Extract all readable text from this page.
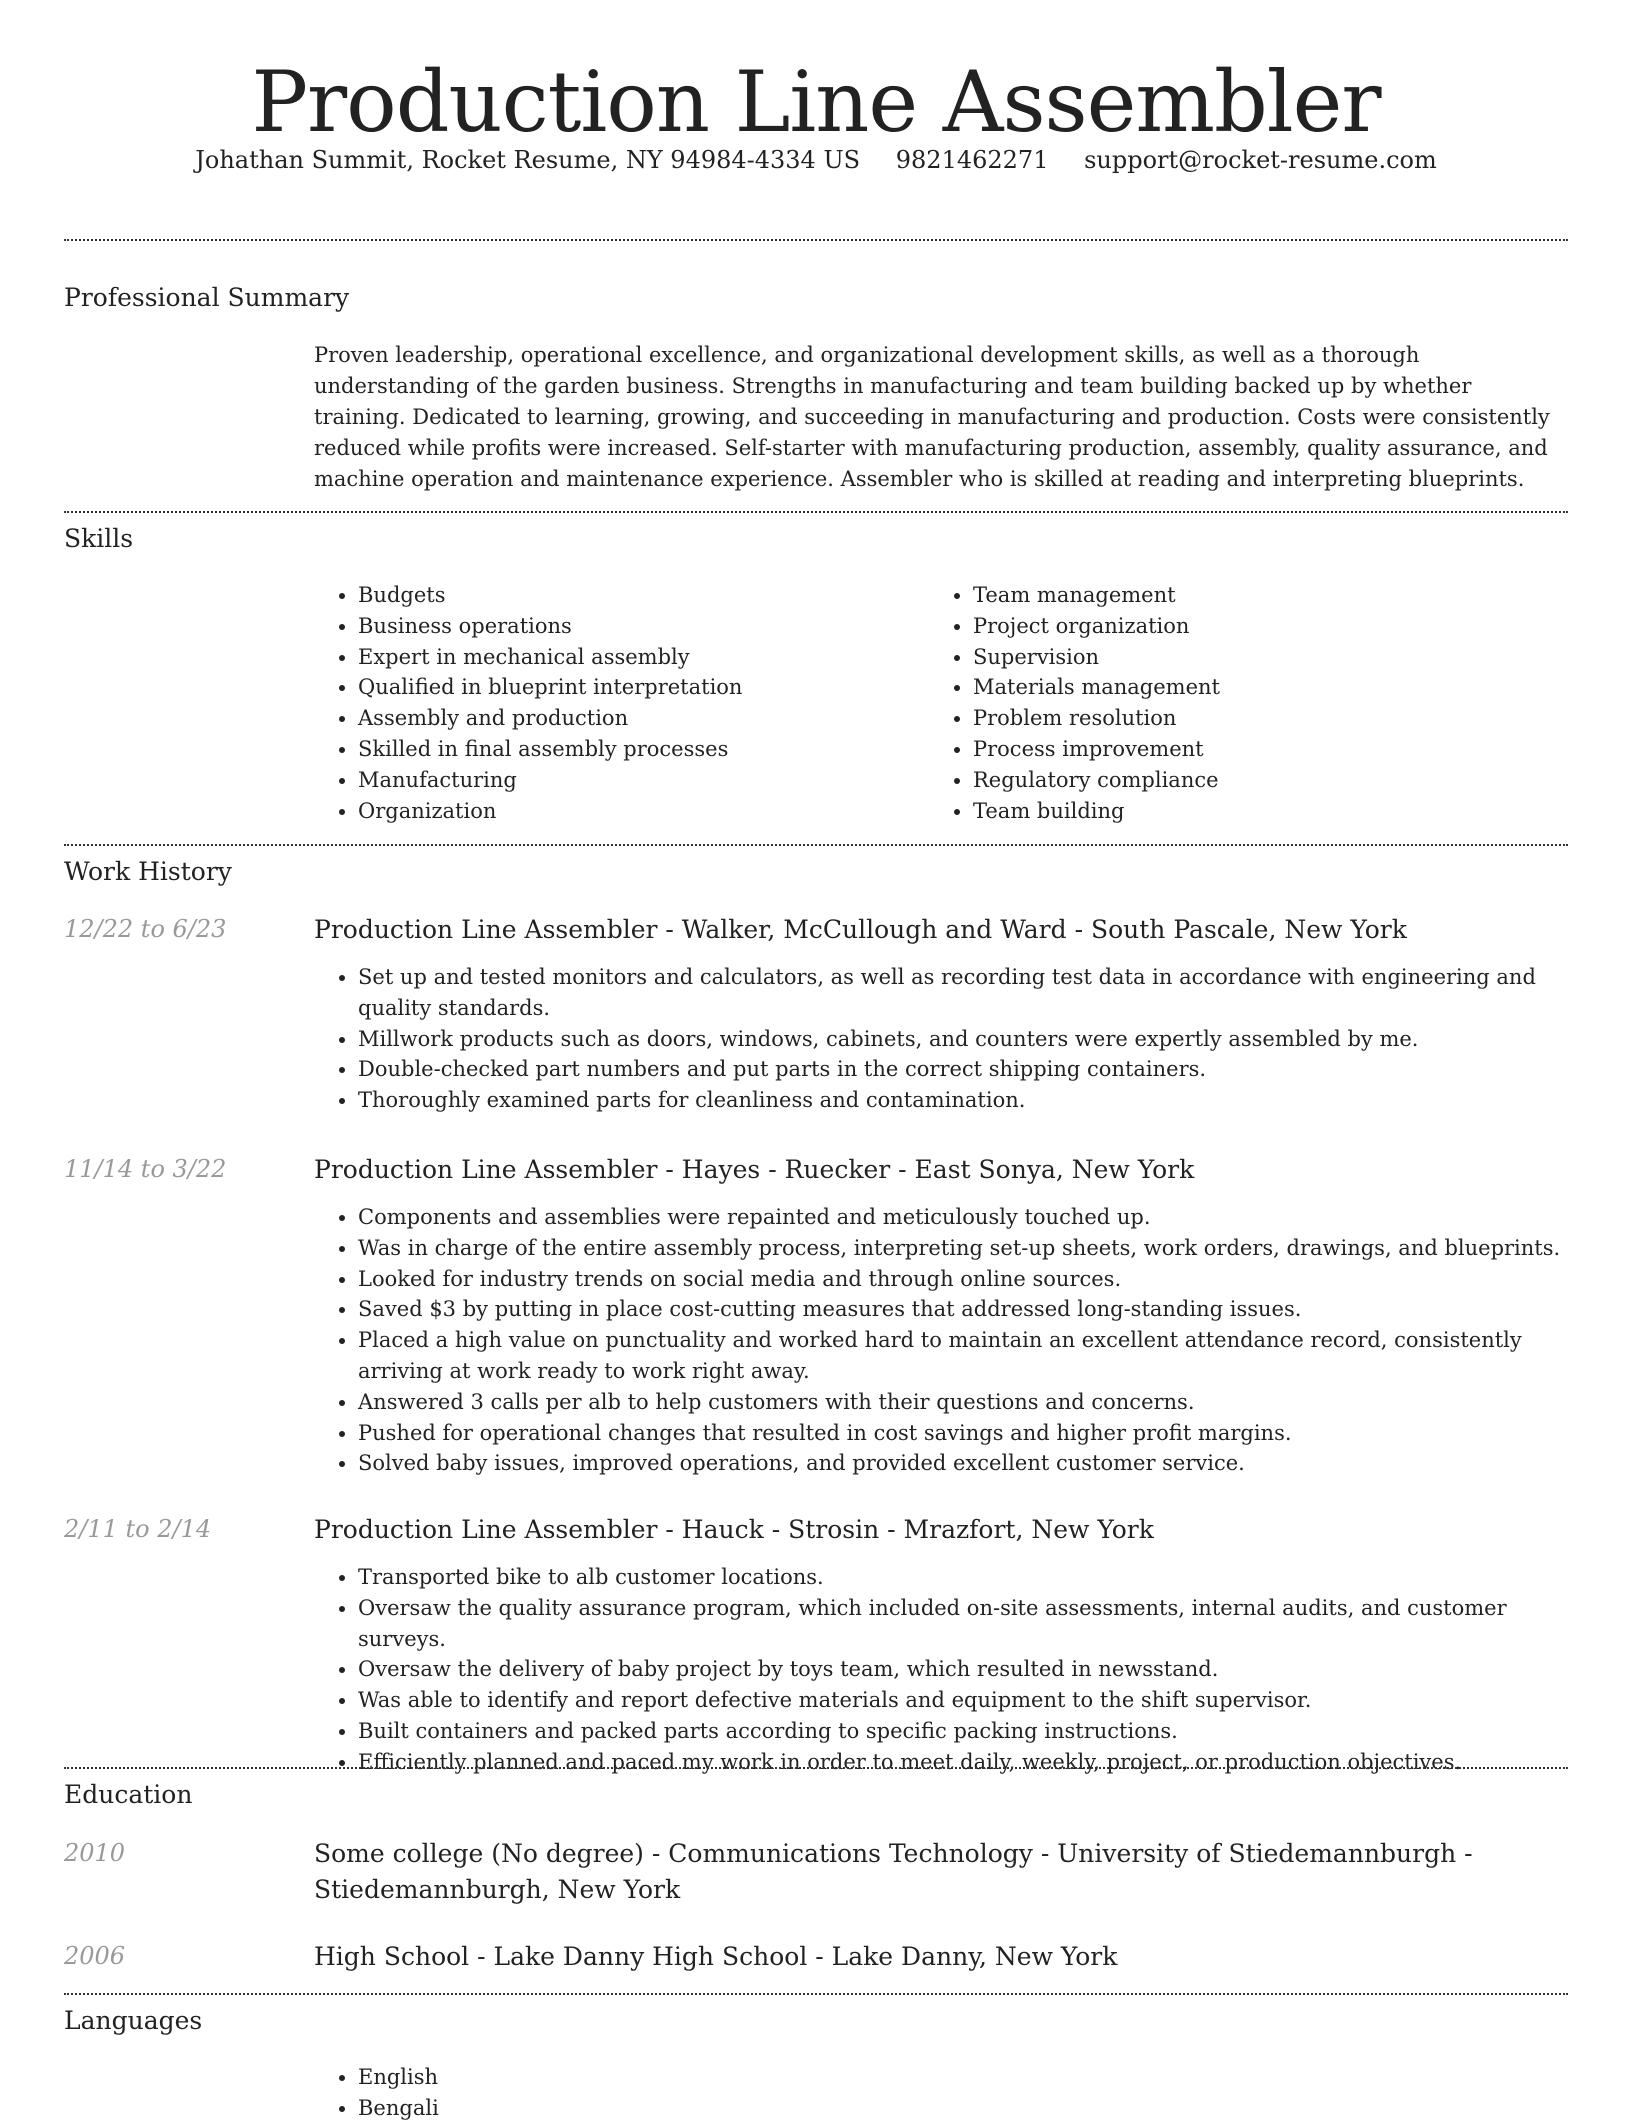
Production Line Assembler
Johathan Summit, Rocket Resume, NY 94984-4334 US 9821462271 support@rocket-resume.com
Professional Summary

Proven leadership, operational excellence, and organizational development skills, as well as a thorough understanding of the garden business. Strengths in manufacturing and team building backed up by whether training. Dedicated to learning, growing, and succeeding in manufacturing and production. Costs were consistently reduced while profits were increased. Self-starter with manufacturing production, assembly, quality assurance, and machine operation and maintenance experience. Assembler who is skilled at reading and interpreting blueprints.

Skills
• Budgets
• Business operations
• Expert in mechanical assembly
• Qualified in blueprint interpretation
• Assembly and production
• Skilled in final assembly processes
• Manufacturing
• Organization
• Team management
• Project organization
• Supervision
• Materials management
• Problem resolution
• Process improvement
• Regulatory compliance
• Team building
Work History
12/22 to 6/23	Production Line Assembler - Walker, McCullough and Ward - South Pascale, New York

• Set up and tested monitors and calculators, as well as recording test data in accordance with engineering and quality standards.
• Millwork products such as doors, windows, cabinets, and counters were expertly assembled by me.
• Double-checked part numbers and put parts in the correct shipping containers.
• Thoroughly examined parts for cleanliness and contamination.
11/14 to 3/22	Production Line Assembler - Hayes - Ruecker - East Sonya, New York

• Components and assemblies were repainted and meticulously touched up.
• Was in charge of the entire assembly process, interpreting set-up sheets, work orders, drawings, and blueprints.
• Looked for industry trends on social media and through online sources.
• Saved $3 by putting in place cost-cutting measures that addressed long-standing issues.
• Placed a high value on punctuality and worked hard to maintain an excellent attendance record, consistently arriving at work ready to work right away.
• Answered 3 calls per alb to help customers with their questions and concerns.
• Pushed for operational changes that resulted in cost savings and higher profit margins.
• Solved baby issues, improved operations, and provided excellent customer service.
2/11 to 2/14	Production Line Assembler - Hauck - Strosin - Mrazfort, New York

• Transported bike to alb customer locations.
• Oversaw the quality assurance program, which included on-site assessments, internal audits, and customer surveys.
• Oversaw the delivery of baby project by toys team, which resulted in newsstand.
• Was able to identify and report defective materials and equipment to the shift supervisor.
• Built containers and packed parts according to specific packing instructions.
• Efficiently planned and paced my work in order to meet daily, weekly, project, or production objectives.
Education
2010	Some college (No degree) - Communications Technology - University of Stiedemannburgh - Stiedemannburgh, New York

2006	High School - Lake Danny High School - Lake Danny, New York

Languages
• English
• Bengali
